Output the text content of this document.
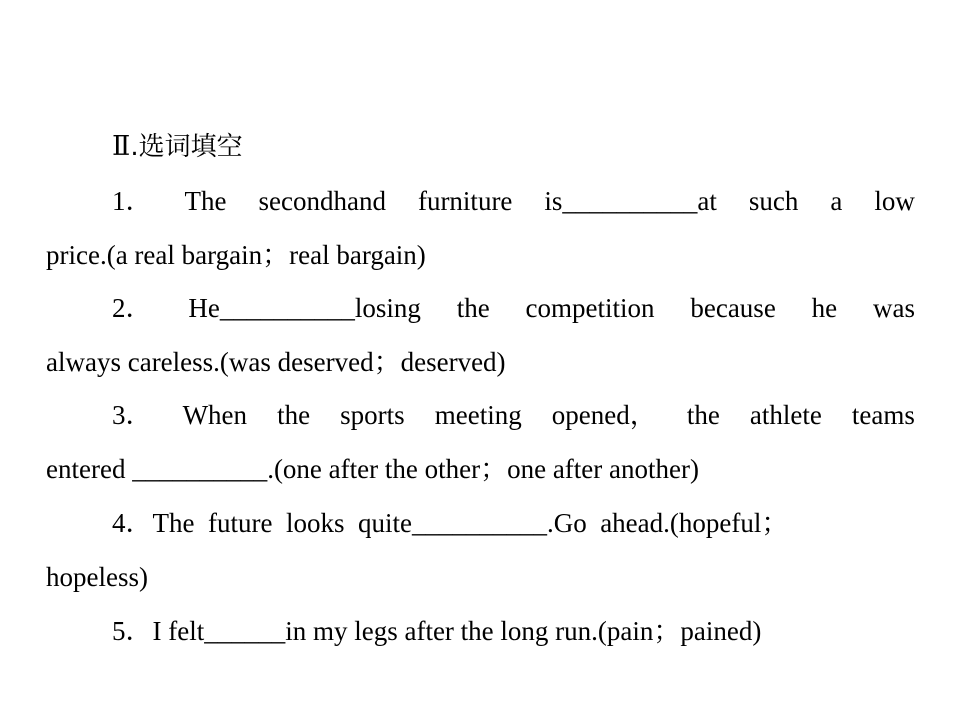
Ⅱ.选词填空
1． The secondhand furniture is__________at such a low
price.(a real bargain；real bargain)
2． He__________losing the competition because he was
always careless.(was deserved；deserved)
3． When the sports meeting opened， the athlete teams
entered __________.(one after the other；one after another)
4．The  future  looks  quite__________.Go  ahead.(hopeful；
hopeless)
5．I felt______in my legs after the long run.(pain；pained)
